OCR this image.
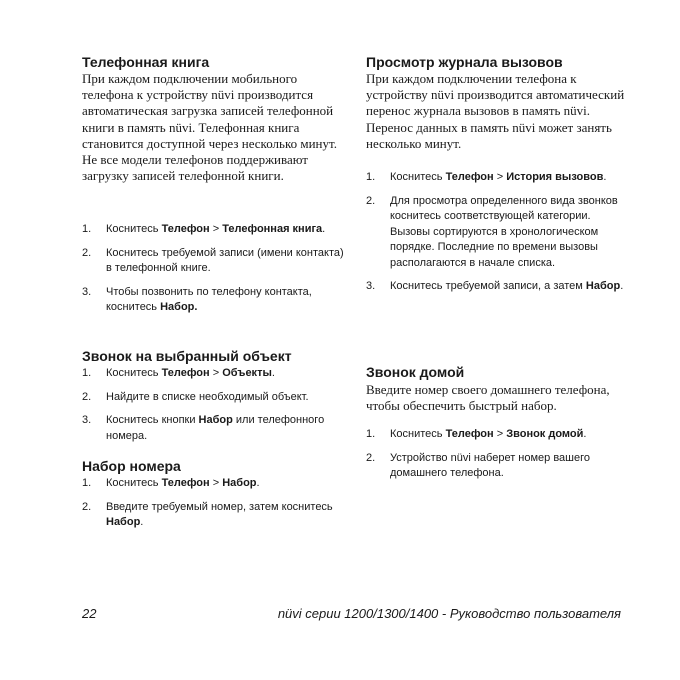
Телефонная книга

При каждом подключении мобильного телефона к устройству nüvi производится автоматическая загрузка записей телефонной книги в память nüvi. Телефонная книга становится доступной через несколько минут. Не все модели телефонов поддерживают загрузку записей телефонной книги.

1. Коснитесь Телефон > Телефонная книга.
2. Коснитесь требуемой записи (имени контакта) в телефонной книге.
3. Чтобы позвонить по телефону контакта, коснитесь Набор.
Звонок на выбранный объект
1. Коснитесь Телефон > Объекты.
2. Найдите в списке необходимый объект.
3. Коснитесь кнопки Набор или телефонного номера.
Набор номера
1. Коснитесь Телефон > Набор.
2. Введите требуемый номер, затем коснитесь Набор.
Просмотр журнала вызовов

При каждом подключении телефона к устройству nüvi производится автоматический перенос журнала вызовов в память nüvi. Перенос данных в память nüvi может занять несколько минут.

1. Коснитесь Телефон > История вызовов.
2. Для просмотра определенного вида звонков коснитесь соответствующей категории. Вызовы сортируются в хронологическом порядке. Последние по времени вызовы располагаются в начале списка.
3. Коснитесь требуемой записи, а затем Набор.
Звонок домой

Введите номер своего домашнего телефона, чтобы обеспечить быстрый набор.

1. Коснитесь Телефон > Звонок домой.
2. Устройство nüvi наберет номер вашего домашнего телефона.
22	nüvi серии 1200/1300/1400 - Руководство пользователя
